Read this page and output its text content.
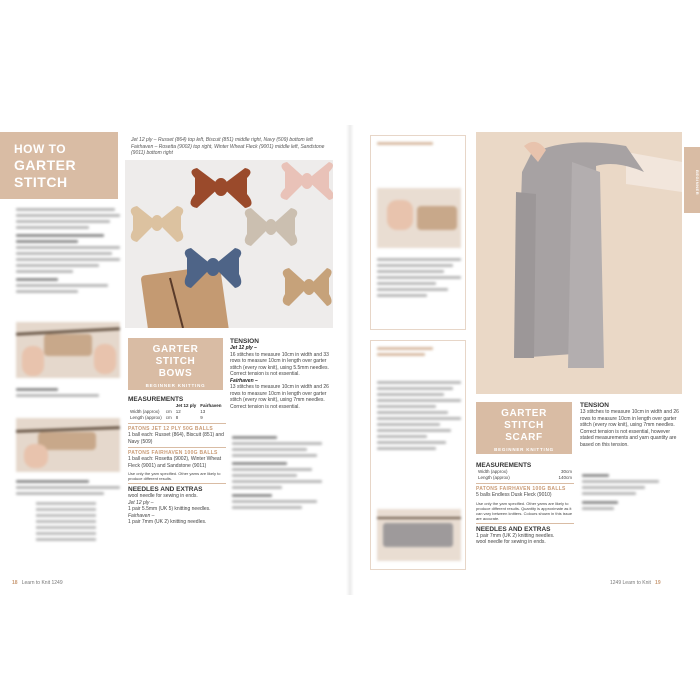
HOW TO
GARTER
STITCH
Jet 12 ply – Russet (864) top left, Biscuit (851) middle right, Navy (509) bottom left Fairhaven – Rosetta (9002) top right, Winter Wheat Fleck (9001) middle left, Sandstone (9011) bottom right
GARTER STITCH
BOWS
BEGINNER KNITTING
MEASUREMENTS
		Jet 12 ply	Fairhaven
Width (approx)	cm	12	13
Length (approx)	cm	8	9
PATONS JET 12 PLY 50G BALLS
1 ball each: Russet (864), Biscuit (851) and Navy (509)
PATONS FAIRHAVEN 100G BALLS
1 ball each: Rosetta (9002), Winter Wheat Fleck (9001) and Sandstone (9011)
Use only the yarn specified. Other yarns are likely to produce different results.
NEEDLES AND EXTRAS
wool needle for sewing in ends.
Jet 12 ply –
1 pair 5.5mm (UK 5) knitting needles.
Fairhaven –
1 pair 7mm (UK 2) knitting needles.
TENSION
Jet 12 ply –
16 stitches to measure 10cm in width and 33 rows to measure 10cm in length over garter stitch (every row knit), using 5.5mm needles. Correct tension is not essential.
Fairhaven –
13 stitches to measure 10cm in width and 26 rows to measure 10cm in length over garter stitch (every row knit), using 7mm needles. Correct tension is not essential.
18 Learn to Knit 1249
BEGINNER
GARTER STITCH
SCARF
BEGINNER KNITTING
MEASUREMENTS
Width (approx)	30cm
Length (approx)	140cm
PATONS FAIRHAVEN 100G BALLS
5 balls Endless Dusk Fleck (9010)
Use only the yarn specified. Other yarns are likely to produce different results. Quantity is approximate as it can vary between knitters. Colours shown in this issue are accurate.
NEEDLES AND EXTRAS
1 pair 7mm (UK 2) knitting needles.
wool needle for sewing in ends.
TENSION
13 stitches to measure 10cm in width and 26 rows to measure 10cm in length over garter stitch (every row knit), using 7mm needles. Correct tension is not essential, however stated measurements and yarn quantity are based on this tension.
1249 Learn to Knit 19
